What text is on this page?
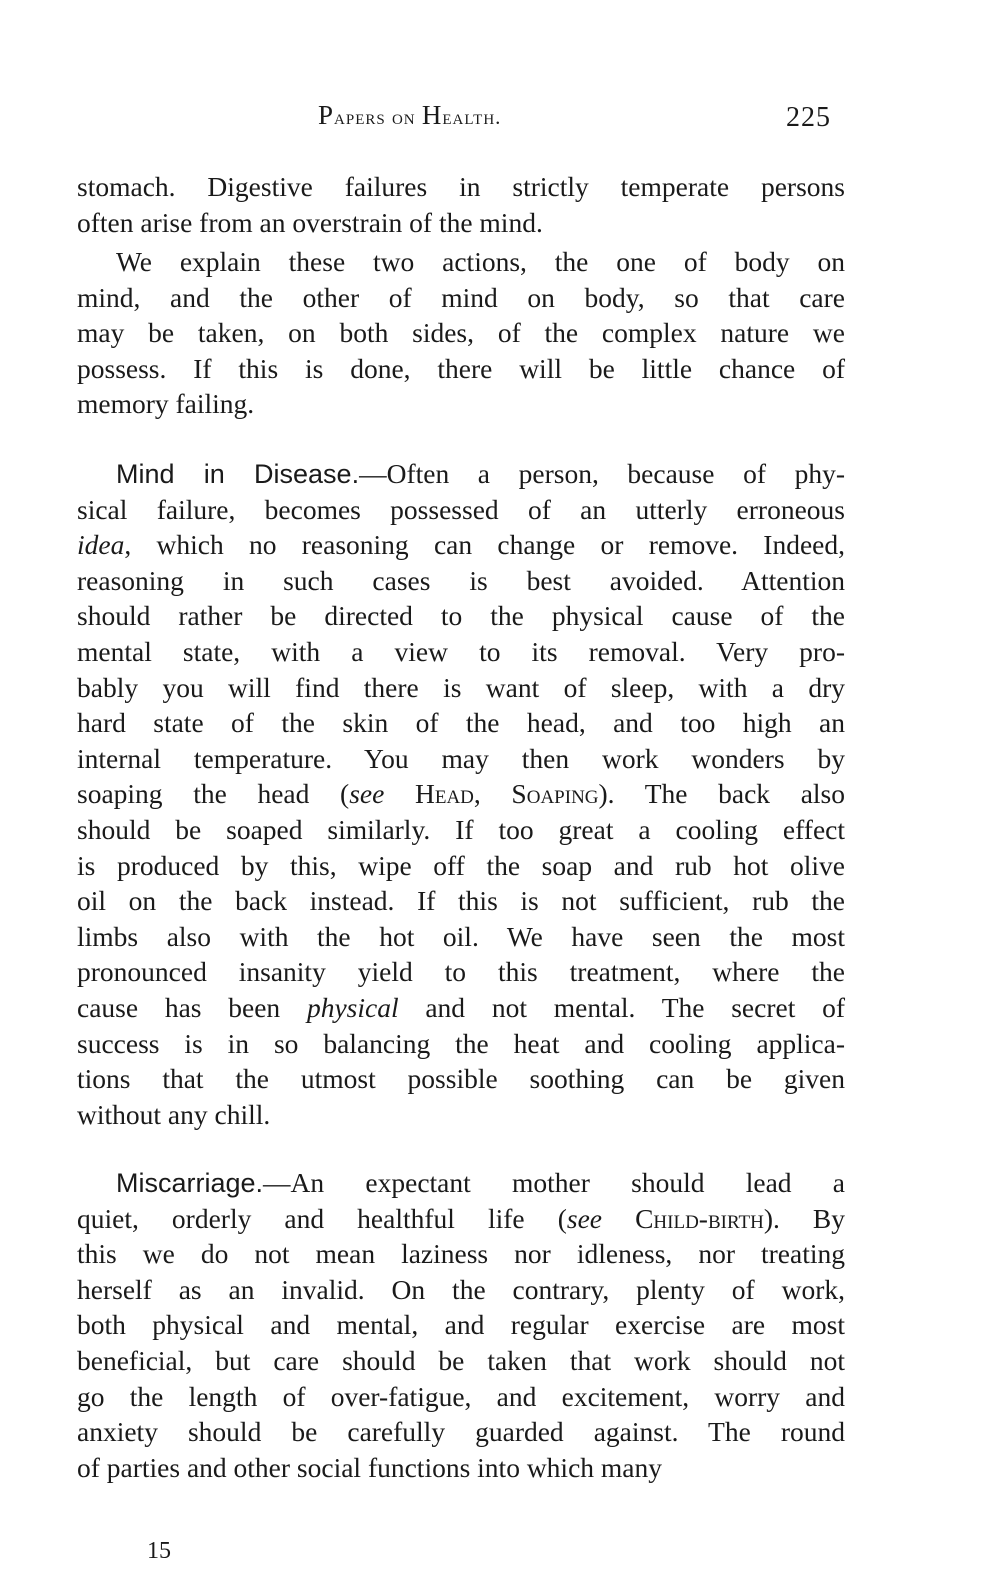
Papers on Health.	225
stomach. Digestive failures in strictly temperate persons
often arise from an overstrain of the mind.
We explain these two actions, the one of body on
mind, and the other of mind on body, so that care
may be taken, on both sides, of the complex nature we
possess. If this is done, there will be little chance of
memory failing.
Mind in Disease.—Often a person, because of phy-
sical failure, becomes possessed of an utterly erroneous
idea, which no reasoning can change or remove. Indeed,
reasoning in such cases is best avoided. Attention
should rather be directed to the physical cause of the
mental state, with a view to its removal. Very pro-
bably you will find there is want of sleep, with a dry
hard state of the skin of the head, and too high an
internal temperature. You may then work wonders by
soaping the head (see Head, Soaping). The back also
should be soaped similarly. If too great a cooling effect
is produced by this, wipe off the soap and rub hot olive
oil on the back instead. If this is not sufficient, rub the
limbs also with the hot oil. We have seen the most
pronounced insanity yield to this treatment, where the
cause has been physical and not mental. The secret of
success is in so balancing the heat and cooling applica-
tions that the utmost possible soothing can be given
without any chill.
Miscarriage.—An expectant mother should lead a
quiet, orderly and healthful life (see Child-birth). By
this we do not mean laziness nor idleness, nor treating
herself as an invalid. On the contrary, plenty of work,
both physical and mental, and regular exercise are most
beneficial, but care should be taken that work should not
go the length of over-fatigue, and excitement, worry and
anxiety should be carefully guarded against. The round
of parties and other social functions into which many
15
